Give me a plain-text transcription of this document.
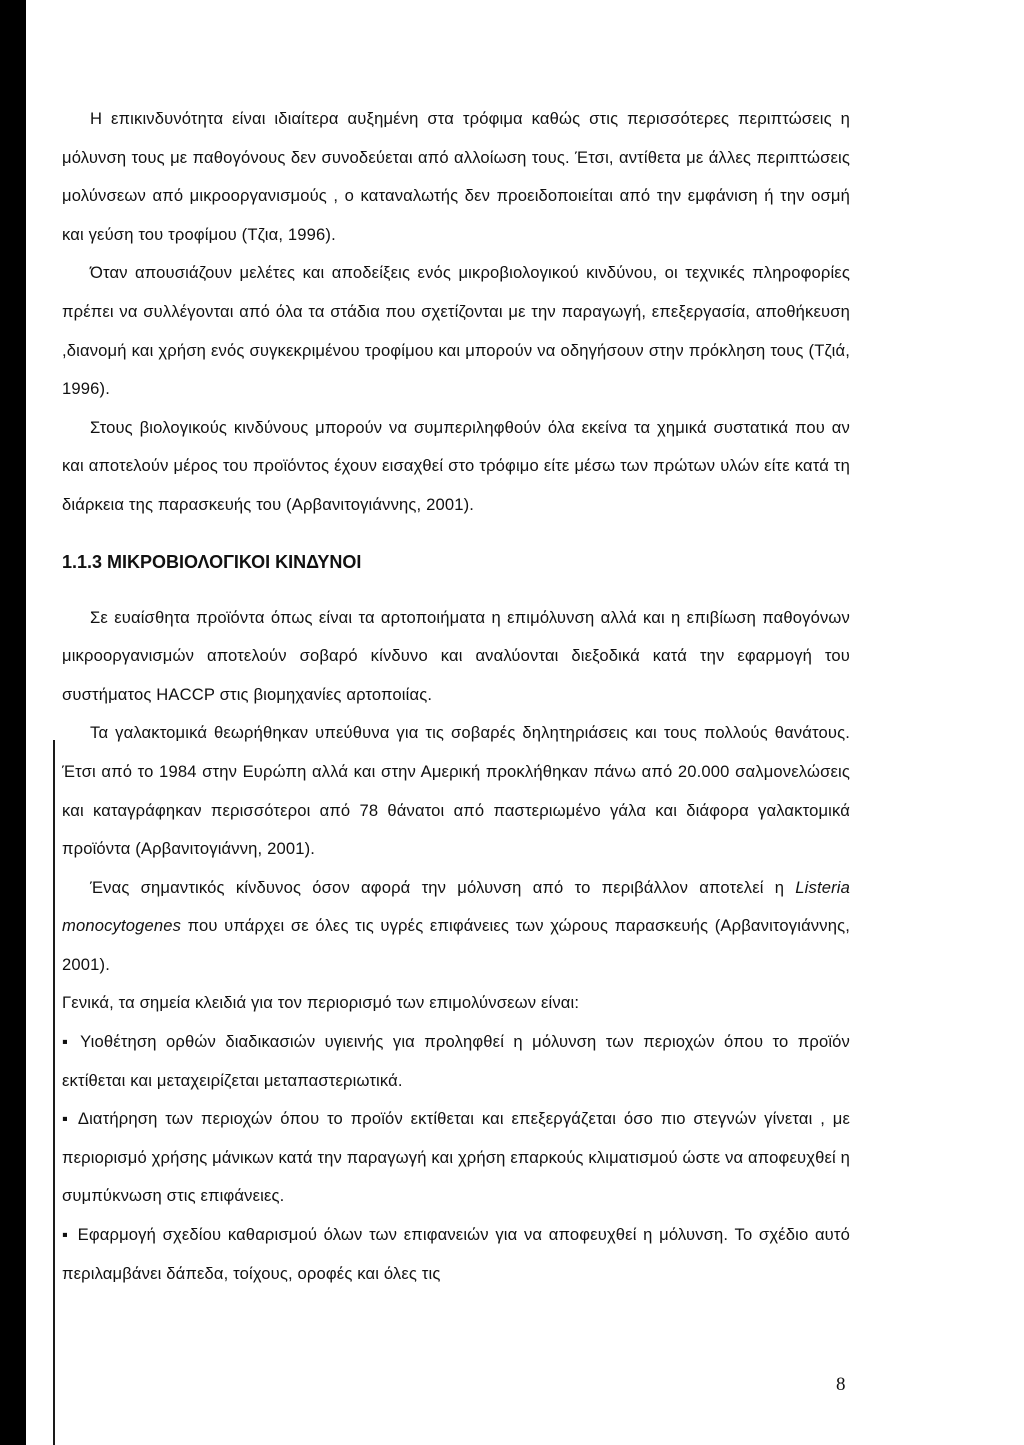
Η επικινδυνότητα είναι ιδιαίτερα αυξημένη στα τρόφιμα καθώς στις περισσότερες περιπτώσεις η μόλυνση τους με παθογόνους δεν συνοδεύεται από αλλοίωση τους. Έτσι, αντίθετα με άλλες περιπτώσεις μολύνσεων από μικροοργανισμούς , ο καταναλωτής δεν προειδοποιείται από την εμφάνιση ή την οσμή και γεύση του τροφίμου (Τζια, 1996).

Όταν απουσιάζουν μελέτες και αποδείξεις ενός μικροβιολογικού κινδύνου, οι τεχνικές πληροφορίες πρέπει να συλλέγονται από όλα τα στάδια που σχετίζονται με την παραγωγή, επεξεργασία, αποθήκευση ,διανομή και χρήση ενός συγκεκριμένου τροφίμου και μπορούν να οδηγήσουν στην πρόκληση τους (Τζιά, 1996).

Στους βιολογικούς κινδύνους μπορούν να συμπεριληφθούν όλα εκείνα τα χημικά συστατικά που αν και αποτελούν μέρος του προϊόντος έχουν εισαχθεί στο τρόφιμο είτε μέσω των πρώτων υλών είτε κατά τη διάρκεια της παρασκευής του (Αρβανιτογιάννης, 2001).

1.1.3 ΜΙΚΡΟΒΙΟΛΟΓΙΚΟΙ ΚΙΝΔΥΝΟΙ

Σε ευαίσθητα προϊόντα όπως είναι τα αρτοποιήματα η επιμόλυνση αλλά και η επιβίωση παθογόνων μικροοργανισμών αποτελούν σοβαρό κίνδυνο και αναλύονται διεξοδικά κατά την εφαρμογή του συστήματος HACCP στις βιομηχανίες αρτοποιίας.

Τα γαλακτομικά θεωρήθηκαν υπεύθυνα για τις σοβαρές δηλητηριάσεις και τους πολλούς θανάτους. Έτσι από το 1984 στην Ευρώπη αλλά και στην Αμερική προκλήθηκαν πάνω από 20.000 σαλμονελώσεις και καταγράφηκαν περισσότεροι από 78 θάνατοι από παστεριωμένο γάλα και διάφορα γαλακτομικά προϊόντα (Αρβανιτογιάννη, 2001).

Ένας σημαντικός κίνδυνος όσον αφορά την μόλυνση από το περιβάλλον αποτελεί η Listeria monocytogenes που υπάρχει σε όλες τις υγρές επιφάνειες των χώρους παρασκευής (Αρβανιτογιάννης, 2001).

Γενικά, τα σημεία κλειδιά για τον περιορισμό των επιμολύνσεων είναι:

▪ Υιοθέτηση ορθών διαδικασιών υγιεινής για προληφθεί η μόλυνση των περιοχών όπου το προϊόν εκτίθεται και μεταχειρίζεται μεταπαστεριωτικά.

▪ Διατήρηση των περιοχών όπου το προϊόν εκτίθεται και επεξεργάζεται όσο πιο στεγνών γίνεται , με περιορισμό χρήσης μάνικων κατά την παραγωγή και χρήση επαρκούς κλιματισμού ώστε να αποφευχθεί η συμπύκνωση στις επιφάνειες.

▪ Εφαρμογή σχεδίου καθαρισμού όλων των επιφανειών για να αποφευχθεί η μόλυνση. Το σχέδιο αυτό περιλαμβάνει δάπεδα, τοίχους, οροφές και όλες τις

8
